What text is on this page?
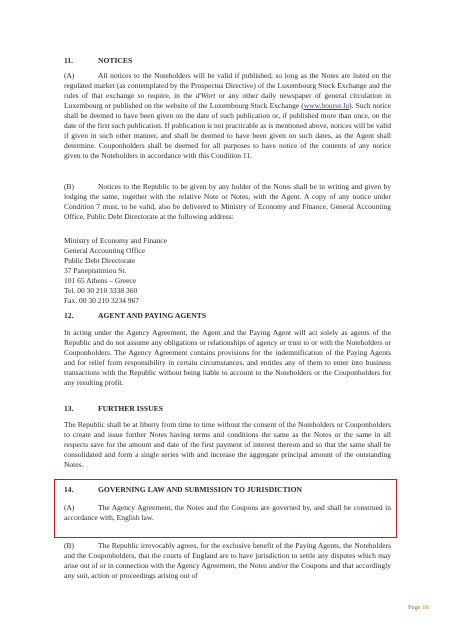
11.	NOTICES

(A)	All notices to the Noteholders will be valid if published, so long as the Notes are listed on the regulated market (as contemplated by the Prospectus Directive) of the Luxembourg Stock Exchange and the rules of that exchange so require, in the d'Wort or any other daily newspaper of general circulation in Luxembourg or published on the website of the Luxembourg Stock Exchange (www.bourse.lu). Such notice shall be deemed to have been given on the date of such publication or, if published more than once, on the date of the first such publication. If publication is not practicable as is mentioned above, notices will be valid if given in such other manner, and shall be deemed to have been given on such dates, as the Agent shall determine. Couponholders shall be deemed for all purposes to have notice of the contents of any notice given to the Noteholders in accordance with this Condition 11.

(B)	Notices to the Republic to be given by any holder of the Notes shall be in writing and given by lodging the same, together with the relative Note or Notes, with the Agent. A copy of any notice under Condition 7 must, to be valid, also be delivered to Ministry of Economy and Finance, General Accounting Office, Public Debt Directorate at the following address:

Ministry of Economy and Finance
General Accounting Office
Public Debt Directorate
37 Panepistimiou St.
101 65 Athens – Greece
Tel. 00 30 210 3338 360
Fax. 00 30 210 3234 967
12.	AGENT AND PAYING AGENTS

In acting under the Agency Agreement, the Agent and the Paying Agent will act solely as agents of the Republic and do not assume any obligations or relationships of agency or trust to or with the Noteholders or Couponholders. The Agency Agreement contains provisions for the indemnification of the Paying Agents and for relief from responsibility in certain circumstances, and entitles any of them to enter into business transactions with the Republic without being liable to account to the Noteholders or the Couponholders for any resulting profit.

13.	FURTHER ISSUES

The Republic shall be at liberty from time to time without the consent of the Noteholders or Couponholders to create and issue further Notes having terms and conditions the same as the Notes or the same in all respects save for the amount and date of the first payment of interest thereon and so that the same shall be consolidated and form a single series with and increase the aggregate principal amount of the outstanding Notes.

14.	GOVERNING LAW AND SUBMISSION TO JURISDICTION

(A)	The Agency Agreement, the Notes and the Coupons are governed by, and shall be construed in accordance with, English law.

(B)	The Republic irrevocably agrees, for the exclusive benefit of the Paying Agents, the Noteholders and the Couponholders, that the courts of England are to have jurisdiction to settle any disputes which may arise out of or in connection with the Agency Agreement, the Notes and/or the Coupons and that accordingly any suit, action or proceedings arising out of

Page 16
